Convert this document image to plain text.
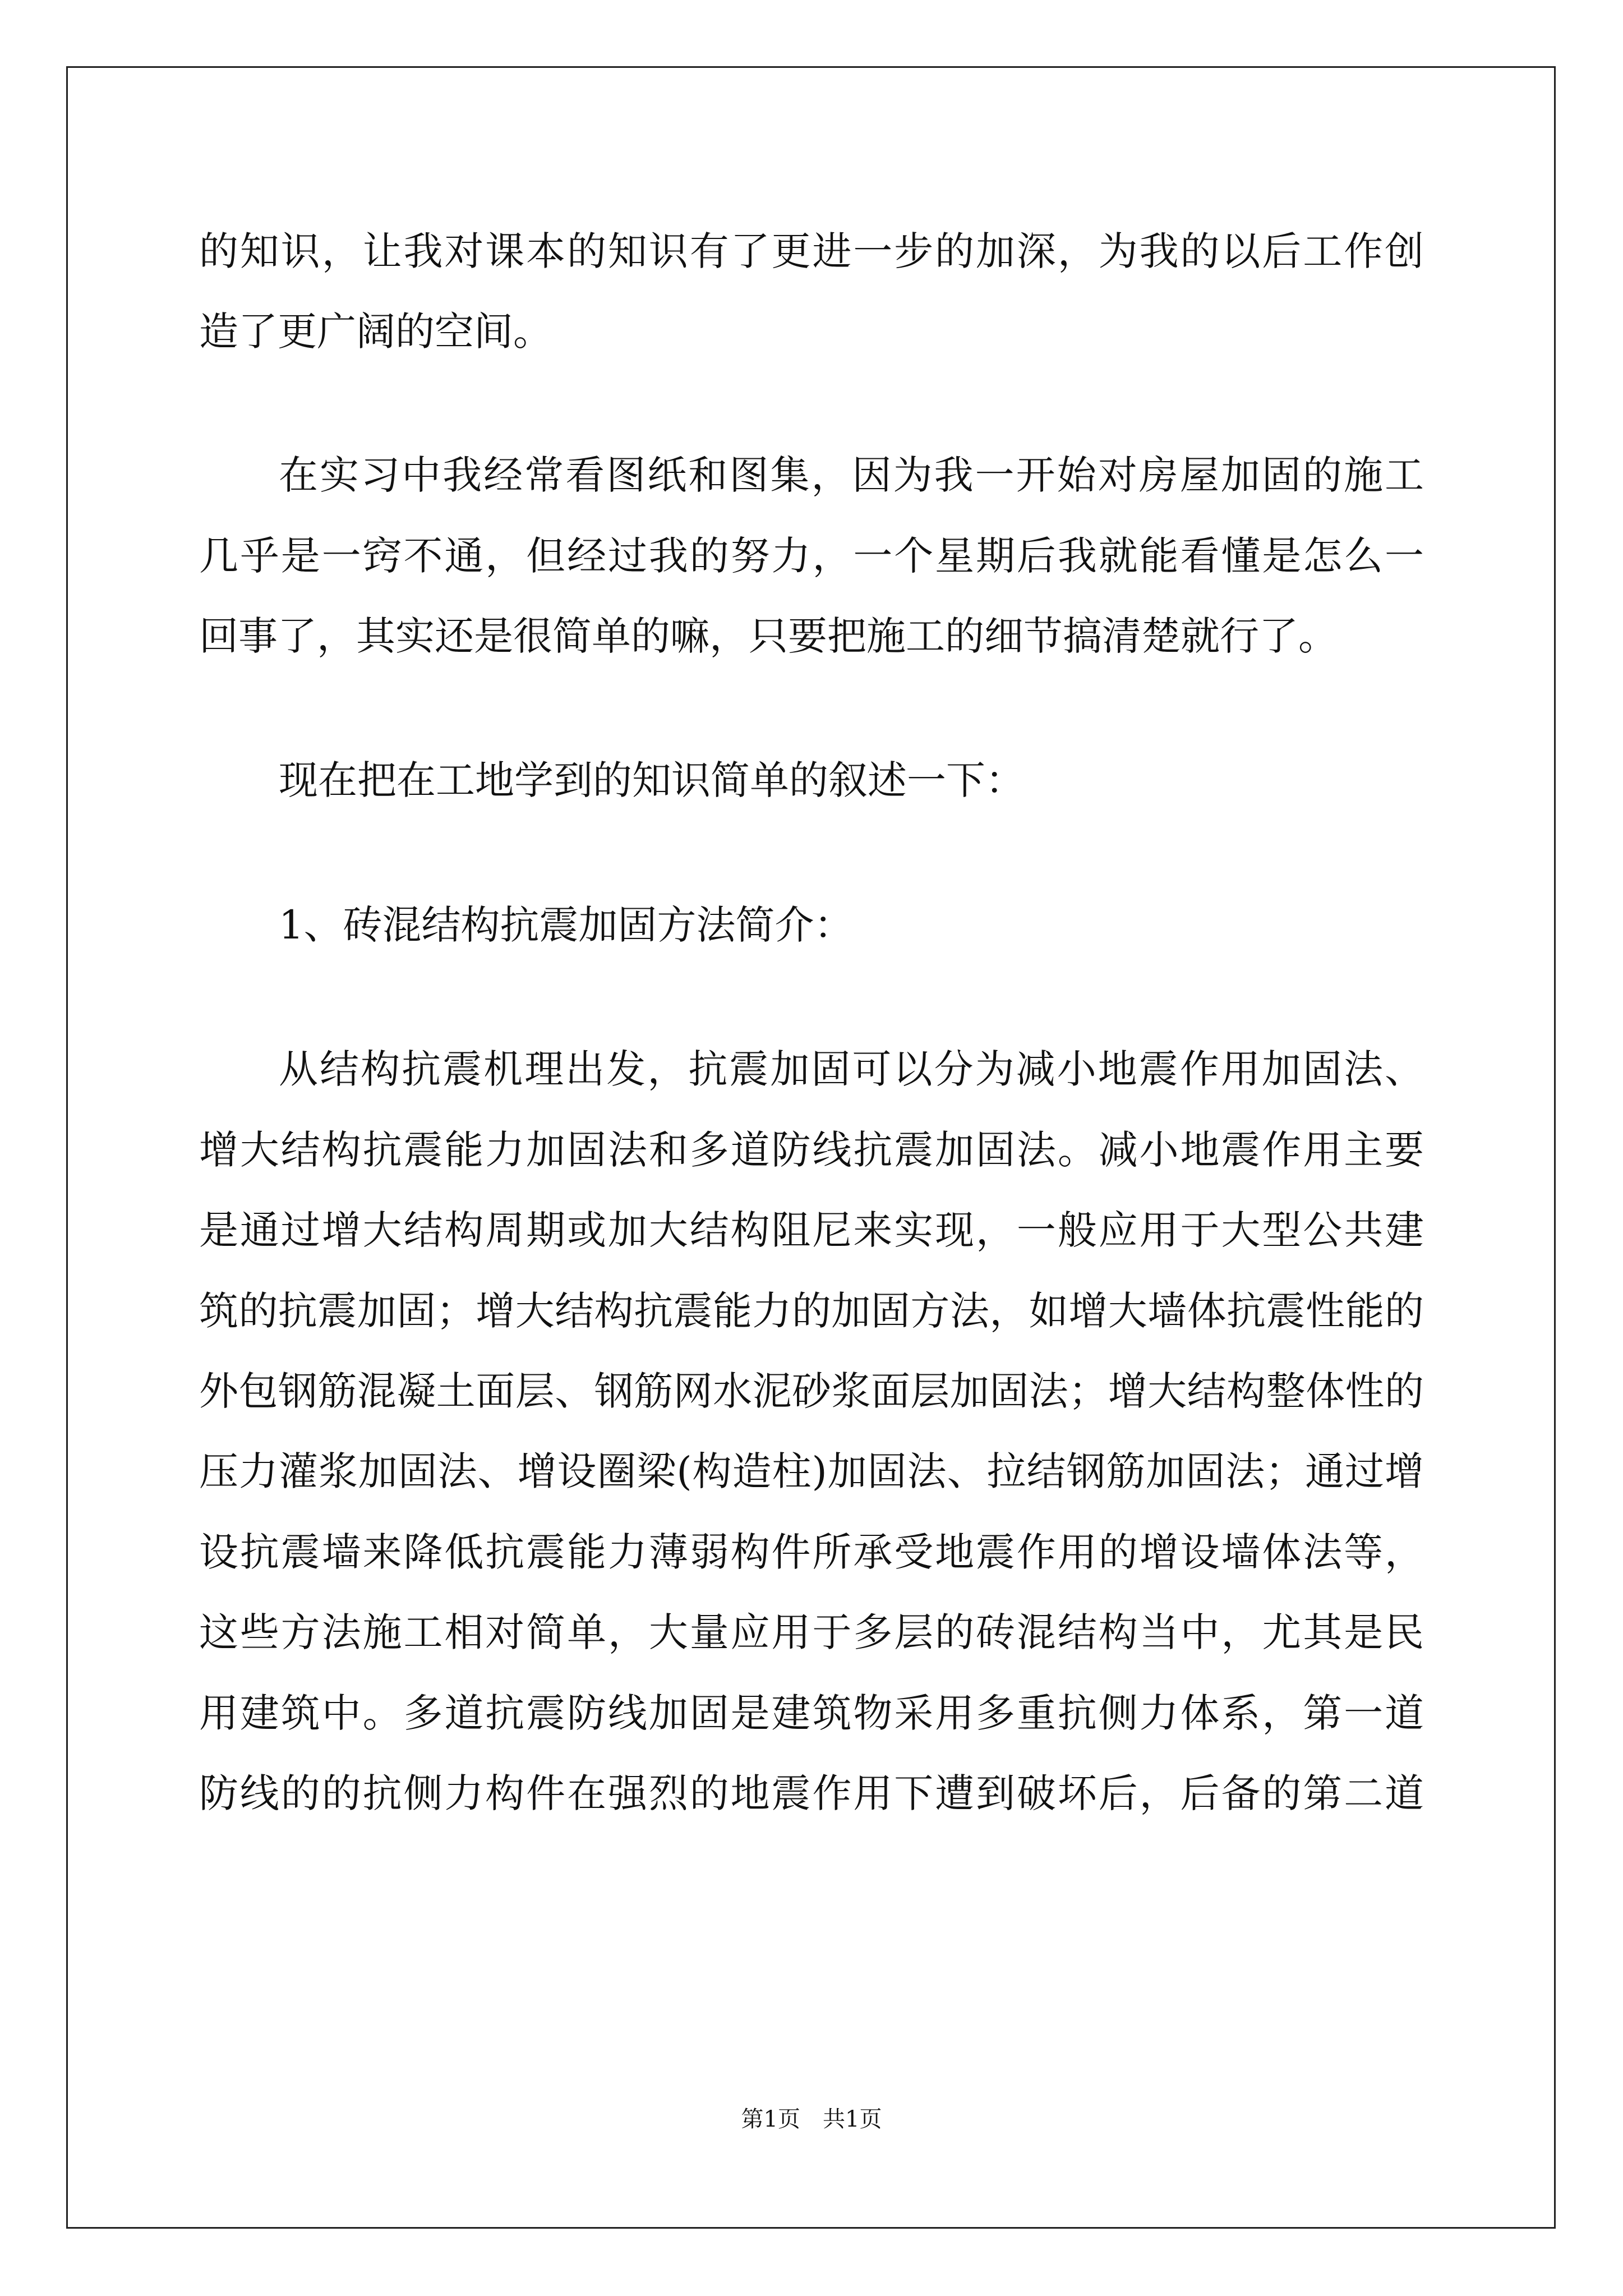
的知识，让我对课本的知识有了更进一步的加深，为我的以后工作创
造了更广阔的空间。
在实习中我经常看图纸和图集，因为我一开始对房屋加固的施工
几乎是一窍不通，但经过我的努力，一个星期后我就能看懂是怎么一
回事了，其实还是很简单的嘛，只要把施工的细节搞清楚就行了。
现在把在工地学到的知识简单的叙述一下：
1、砖混结构抗震加固方法简介：
从结构抗震机理出发，抗震加固可以分为减小地震作用加固法、
增大结构抗震能力加固法和多道防线抗震加固法。减小地震作用主要
是通过增大结构周期或加大结构阻尼来实现，一般应用于大型公共建
筑的抗震加固；增大结构抗震能力的加固方法，如增大墙体抗震性能的
外包钢筋混凝土面层、钢筋网水泥砂浆面层加固法；增大结构整体性的
压力灌浆加固法、增设圈梁(构造柱)加固法、拉结钢筋加固法；通过增
设抗震墙来降低抗震能力薄弱构件所承受地震作用的增设墙体法等，
这些方法施工相对简单，大量应用于多层的砖混结构当中，尤其是民
用建筑中。多道抗震防线加固是建筑物采用多重抗侧力体系，第一道
防线的的抗侧力构件在强烈的地震作用下遭到破坏后，后备的第二道
第1页　共1页
